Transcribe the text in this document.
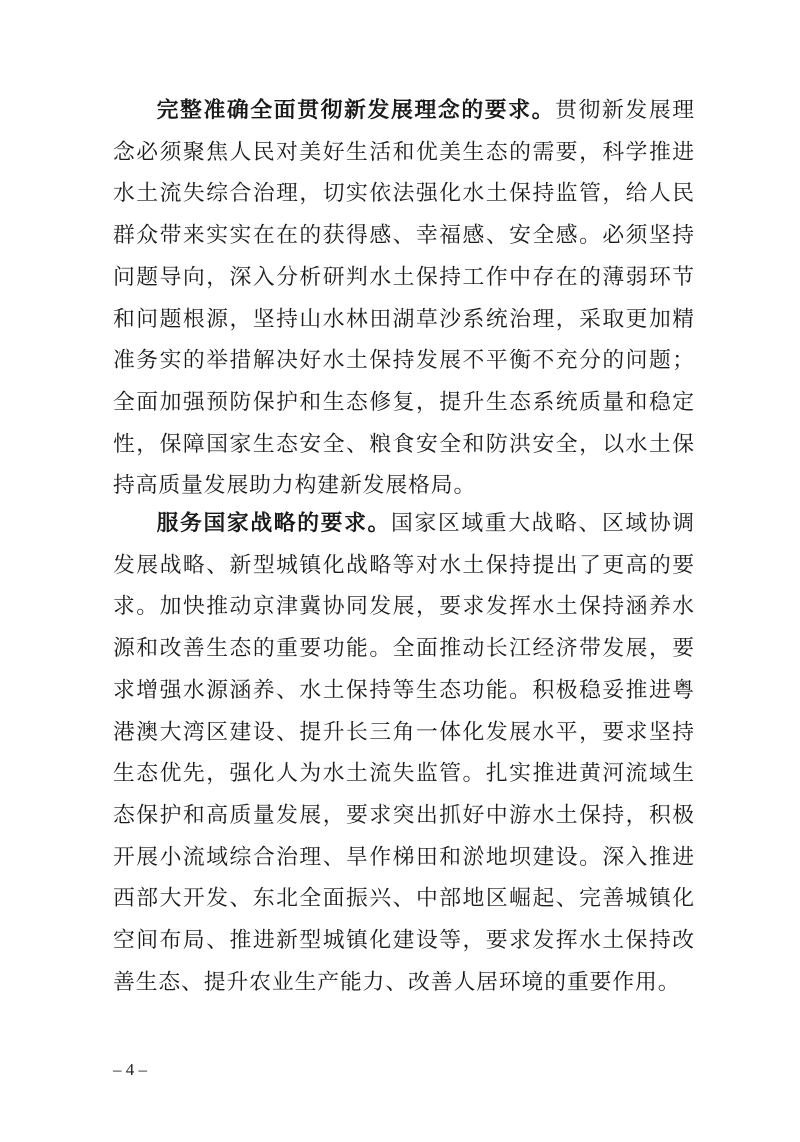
完整准确全面贯彻新发展理念的要求。贯彻新发展理念必须聚焦人民对美好生活和优美生态的需要，科学推进水土流失综合治理，切实依法强化水土保持监管，给人民群众带来实实在在的获得感、幸福感、安全感。必须坚持问题导向，深入分析研判水土保持工作中存在的薄弱环节和问题根源，坚持山水林田湖草沙系统治理，采取更加精准务实的举措解决好水土保持发展不平衡不充分的问题；全面加强预防保护和生态修复，提升生态系统质量和稳定性，保障国家生态安全、粮食安全和防洪安全，以水土保持高质量发展助力构建新发展格局。

服务国家战略的要求。国家区域重大战略、区域协调发展战略、新型城镇化战略等对水土保持提出了更高的要求。加快推动京津冀协同发展，要求发挥水土保持涵养水源和改善生态的重要功能。全面推动长江经济带发展，要求增强水源涵养、水土保持等生态功能。积极稳妥推进粤港澳大湾区建设、提升长三角一体化发展水平，要求坚持生态优先，强化人为水土流失监管。扎实推进黄河流域生态保护和高质量发展，要求突出抓好中游水土保持，积极开展小流域综合治理、旱作梯田和淤地坝建设。深入推进西部大开发、东北全面振兴、中部地区崛起、完善城镇化空间布局、推进新型城镇化建设等，要求发挥水土保持改善生态、提升农业生产能力、改善人居环境的重要作用。

– 4 –
